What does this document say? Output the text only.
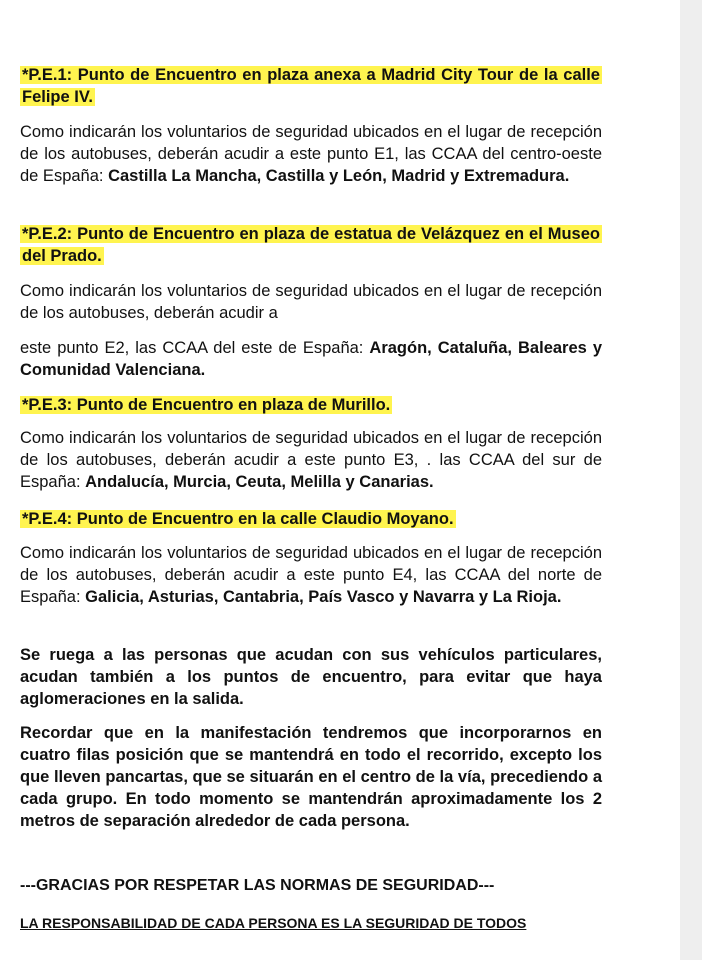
*P.E.1: Punto de Encuentro en plaza anexa a Madrid City Tour de la calle Felipe IV.

Como indicarán los voluntarios de seguridad ubicados en el lugar de recepción de los autobuses, deberán acudir a este punto E1, las CCAA del centro-oeste de España: Castilla La Mancha, Castilla y León, Madrid y Extremadura.

*P.E.2: Punto de Encuentro en plaza de estatua de Velázquez en el Museo del Prado.

Como indicarán los voluntarios de seguridad ubicados en el lugar de recepción de los autobuses, deberán acudir a

este punto E2, las CCAA del este de España: Aragón, Cataluña, Baleares y Comunidad Valenciana.

*P.E.3: Punto de Encuentro en plaza de Murillo.

Como indicarán los voluntarios de seguridad ubicados en el lugar de recepción de los autobuses, deberán acudir a este punto E3, . las CCAA del sur de España: Andalucía, Murcia, Ceuta, Melilla y Canarias.

*P.E.4: Punto de Encuentro en la calle Claudio Moyano.

Como indicarán los voluntarios de seguridad ubicados en el lugar de recepción de los autobuses, deberán acudir a este punto E4, las CCAA del norte de España: Galicia, Asturias, Cantabria, País Vasco y Navarra y La Rioja.

Se ruega a las personas que acudan con sus vehículos particulares, acudan también a los puntos de encuentro, para evitar que haya aglomeraciones en la salida.

Recordar que en la manifestación tendremos que incorporarnos en cuatro filas posición que se mantendrá en todo el recorrido, excepto los que lleven pancartas, que se situarán en el centro de la vía, precediendo a cada grupo. En todo momento se mantendrán aproximadamente los 2 metros de separación alrededor de cada persona.

---GRACIAS POR RESPETAR LAS NORMAS DE SEGURIDAD---

LA RESPONSABILIDAD DE CADA PERSONA ES LA SEGURIDAD DE TODOS
